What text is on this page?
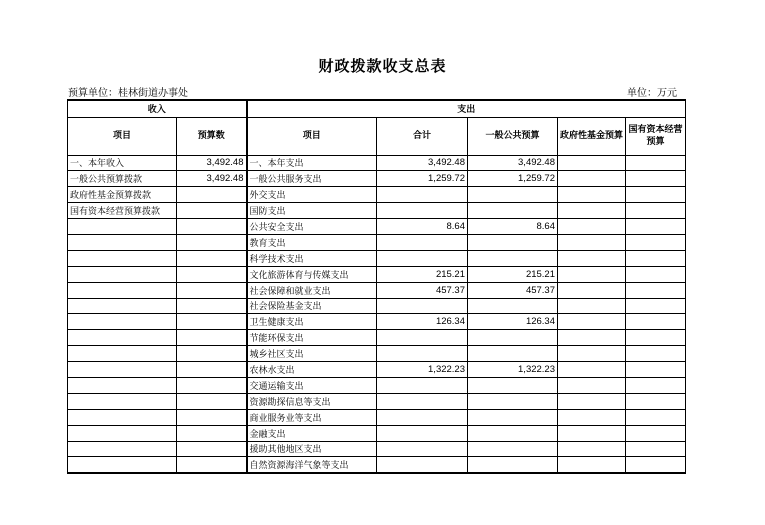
财政拨款收支总表
预算单位：桂林街道办事处	单位：万元
收入		支出				
项目	预算数	项目	合计	一般公共预算	政府性基金预算	国有资本经营预算
一、本年收入	3,492.48	一、本年支出	3,492.48	3,492.48		
一般公共预算拨款	3,492.48	一般公共服务支出	1,259.72	1,259.72		
政府性基金预算拨款		外交支出				
国有资本经营预算拨款		国防支出				
		公共安全支出	8.64	8.64		
		教育支出				
		科学技术支出				
		文化旅游体育与传媒支出	215.21	215.21		
		社会保障和就业支出	457.37	457.37		
		社会保险基金支出				
		卫生健康支出	126.34	126.34		
		节能环保支出				
		城乡社区支出				
		农林水支出	1,322.23	1,322.23		
		交通运输支出				
		资源勘探信息等支出				
		商业服务业等支出				
		金融支出				
		援助其他地区支出				
		自然资源海洋气象等支出				
